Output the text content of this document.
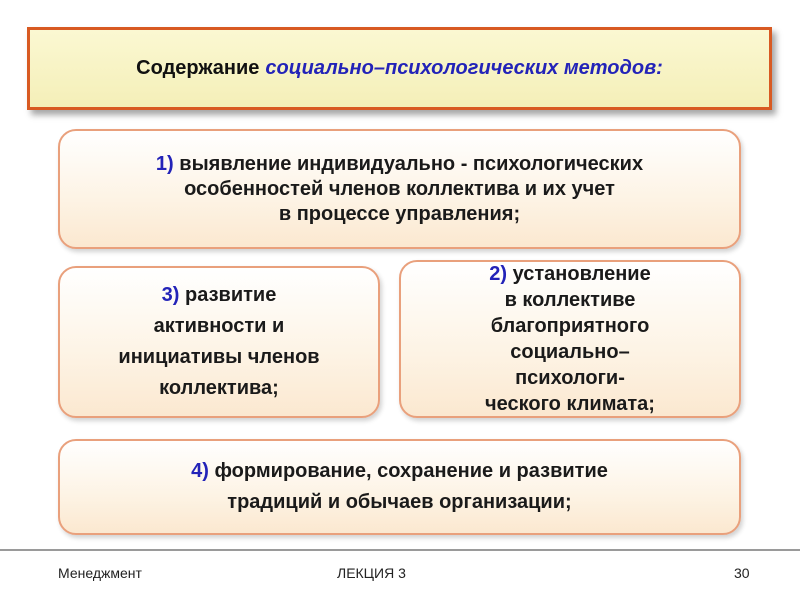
Содержание социально–психологических методов:
1) выявление индивидуально - психологических
особенностей членов коллектива и их учет
в процессе управления;
3) развитие
активности и
инициативы членов
коллектива;
2) установление
в коллективе
благоприятного
социально–
психологи-
ческого климата;
4) формирование, сохранение и развитие
традиций и обычаев организации;
Менеджмент	ЛЕКЦИЯ 3	30
